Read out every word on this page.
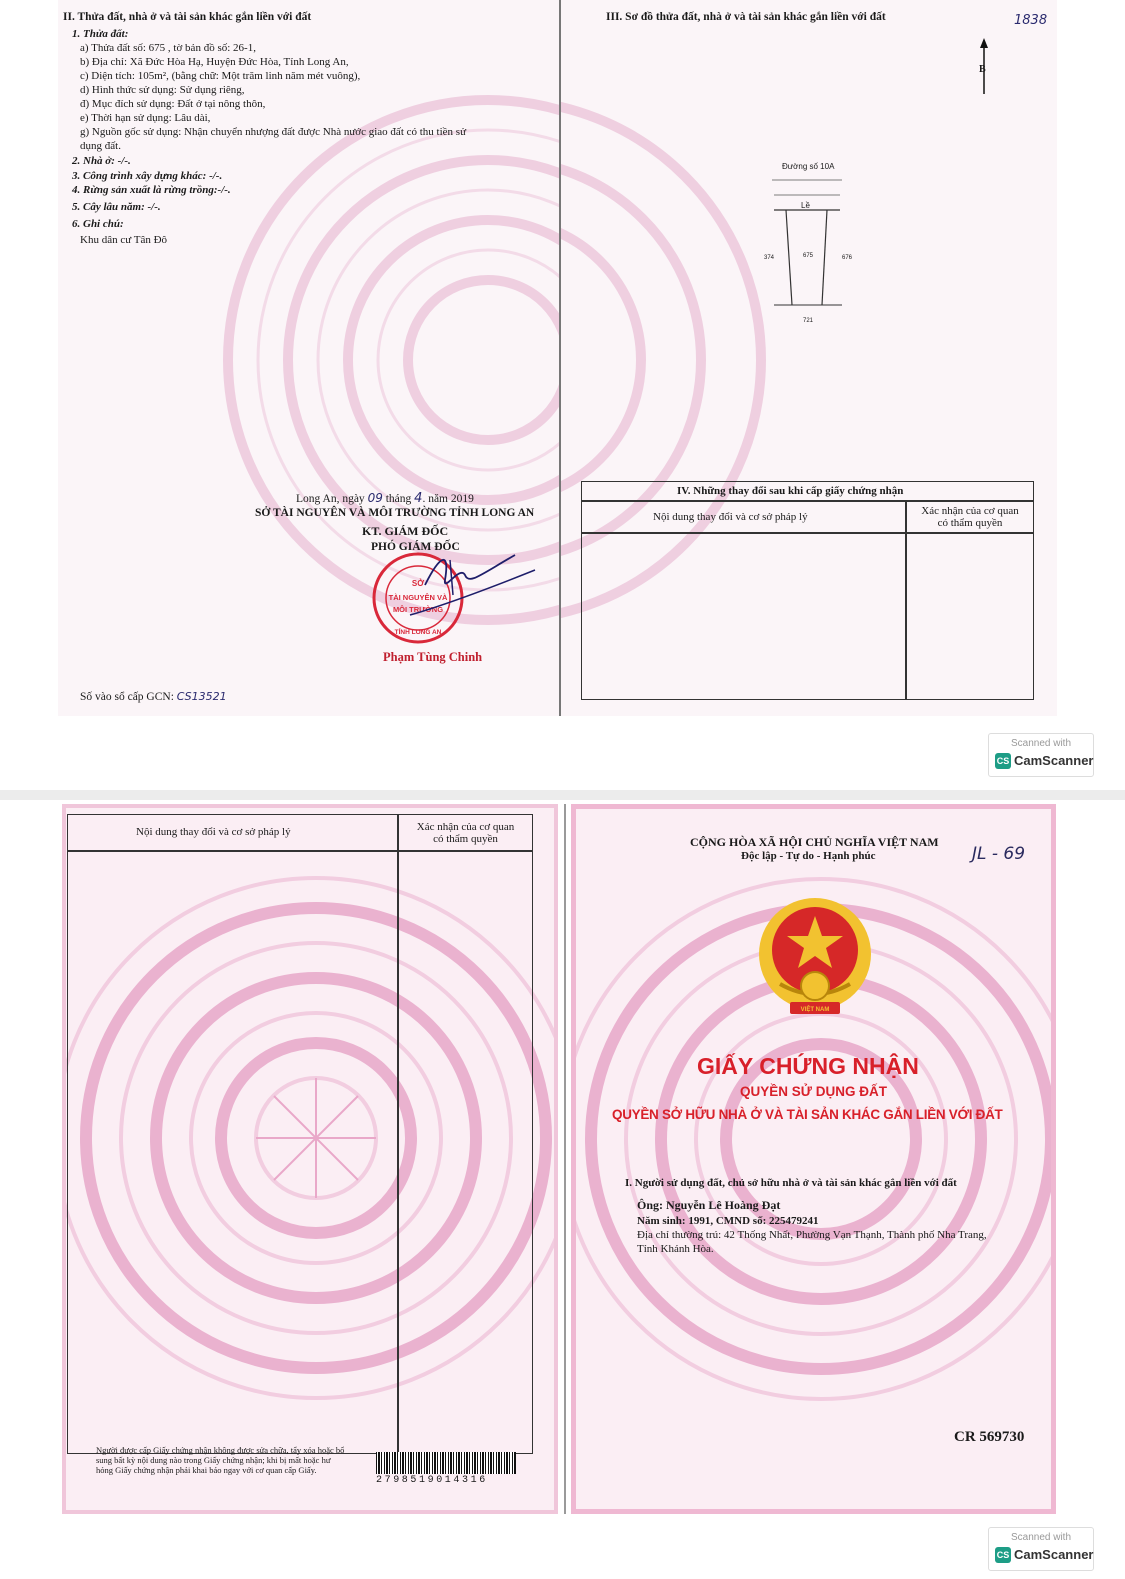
II. Thửa đất, nhà ở và tài sản khác gắn liền với đất
1. Thửa đất:
a) Thửa đất số: 675 , tờ bản đồ số: 26-1,
b) Địa chỉ: Xã Đức Hòa Hạ, Huyện Đức Hòa, Tỉnh Long An,
c) Diện tích: 105m², (bằng chữ: Một trăm linh năm mét vuông),
d) Hình thức sử dụng: Sử dụng riêng,
đ) Mục đích sử dụng: Đất ở tại nông thôn,
e) Thời hạn sử dụng: Lâu dài,
g) Nguồn gốc sử dụng: Nhận chuyển nhượng đất được Nhà nước giao đất có thu tiền sử
dụng đất.
2. Nhà ở: -/-.
3. Công trình xây dựng khác: -/-.
4. Rừng sản xuất là rừng trồng:-/-.
5. Cây lâu năm: -/-.
6. Ghi chú:
Khu dân cư Tân Đô
Long An, ngày 09 tháng 4. năm 2019
SỞ TÀI NGUYÊN VÀ MÔI TRƯỜNG TỈNH LONG AN
KT. GIÁM ĐỐC
PHÓ GIÁM ĐỐC
SỞ
TÀI NGUYÊN VÀ
MÔI TRƯỜNG
TỈNH LONG AN
Phạm Tùng Chinh
Số vào sổ cấp GCN: CS13521
III. Sơ đồ thửa đất, nhà ở và tài sản khác gắn liền với đất	1838
B
Đường số 10A
Lề
374	675	676
721
IV. Những thay đổi sau khi cấp giấy chứng nhận
Nội dung thay đổi và cơ sở pháp lý	Xác nhận của cơ quan
có thẩm quyền
Scanned with
CS CamScanner
Nội dung thay đổi và cơ sở pháp lý	Xác nhận của cơ quan
có thẩm quyền
Người được cấp Giấy chứng nhận không được sửa chữa, tẩy xóa hoặc bổ
sung bất kỳ nội dung nào trong Giấy chứng nhận; khi bị mất hoặc hư
hỏng Giấy chứng nhận phải khai báo ngay với cơ quan cấp Giấy.
2798519014316
CỘNG HÒA XÃ HỘI CHỦ NGHĨA VIỆT NAM
Độc lập - Tự do - Hạnh phúc	JL - 69
VIỆT NAM
GIẤY CHỨNG NHẬN
QUYỀN SỬ DỤNG ĐẤT
QUYỀN SỞ HỮU NHÀ Ở VÀ TÀI SẢN KHÁC GẮN LIỀN VỚI ĐẤT
I. Người sử dụng đất, chủ sở hữu nhà ở và tài sản khác gắn liền với đất
Ông: Nguyễn Lê Hoàng Đạt
Năm sinh: 1991, CMND số: 225479241
Địa chỉ thường trú: 42 Thống Nhất, Phường Vạn Thạnh, Thành phố Nha Trang,
Tỉnh Khánh Hòa.
CR 569730
Scanned with
CS CamScanner
